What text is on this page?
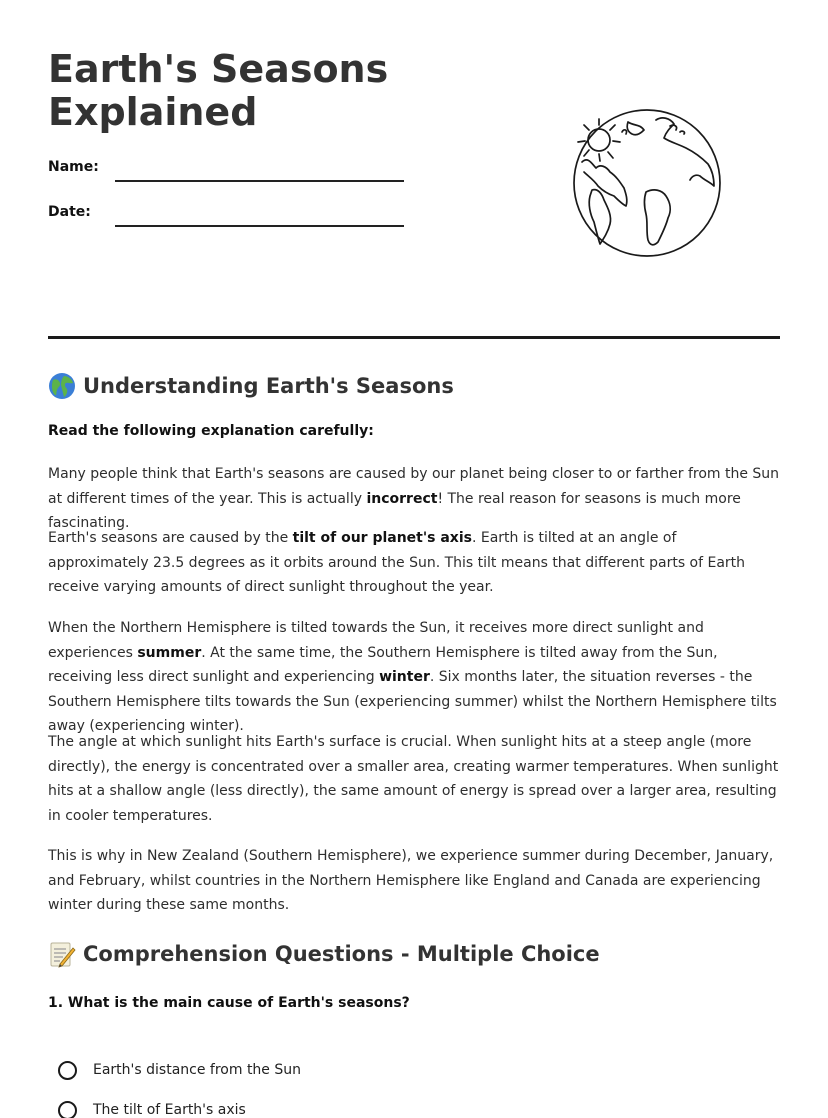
Earth's Seasons Explained
Name:
Date:
Understanding Earth's Seasons
Read the following explanation carefully:

Many people think that Earth's seasons are caused by our planet being closer to or farther from the Sun at different times of the year. This is actually incorrect! The real reason for seasons is much more fascinating.

Earth's seasons are caused by the tilt of our planet's axis. Earth is tilted at an angle of approximately 23.5 degrees as it orbits around the Sun. This tilt means that different parts of Earth receive varying amounts of direct sunlight throughout the year.

When the Northern Hemisphere is tilted towards the Sun, it receives more direct sunlight and experiences summer. At the same time, the Southern Hemisphere is tilted away from the Sun, receiving less direct sunlight and experiencing winter. Six months later, the situation reverses - the Southern Hemisphere tilts towards the Sun (experiencing summer) whilst the Northern Hemisphere tilts away (experiencing winter).

The angle at which sunlight hits Earth's surface is crucial. When sunlight hits at a steep angle (more directly), the energy is concentrated over a smaller area, creating warmer temperatures. When sunlight hits at a shallow angle (less directly), the same amount of energy is spread over a larger area, resulting in cooler temperatures.

This is why in New Zealand (Southern Hemisphere), we experience summer during December, January, and February, whilst countries in the Northern Hemisphere like England and Canada are experiencing winter during these same months.

Comprehension Questions - Multiple Choice
1. What is the main cause of Earth's seasons?
Earth's distance from the Sun
The tilt of Earth's axis
